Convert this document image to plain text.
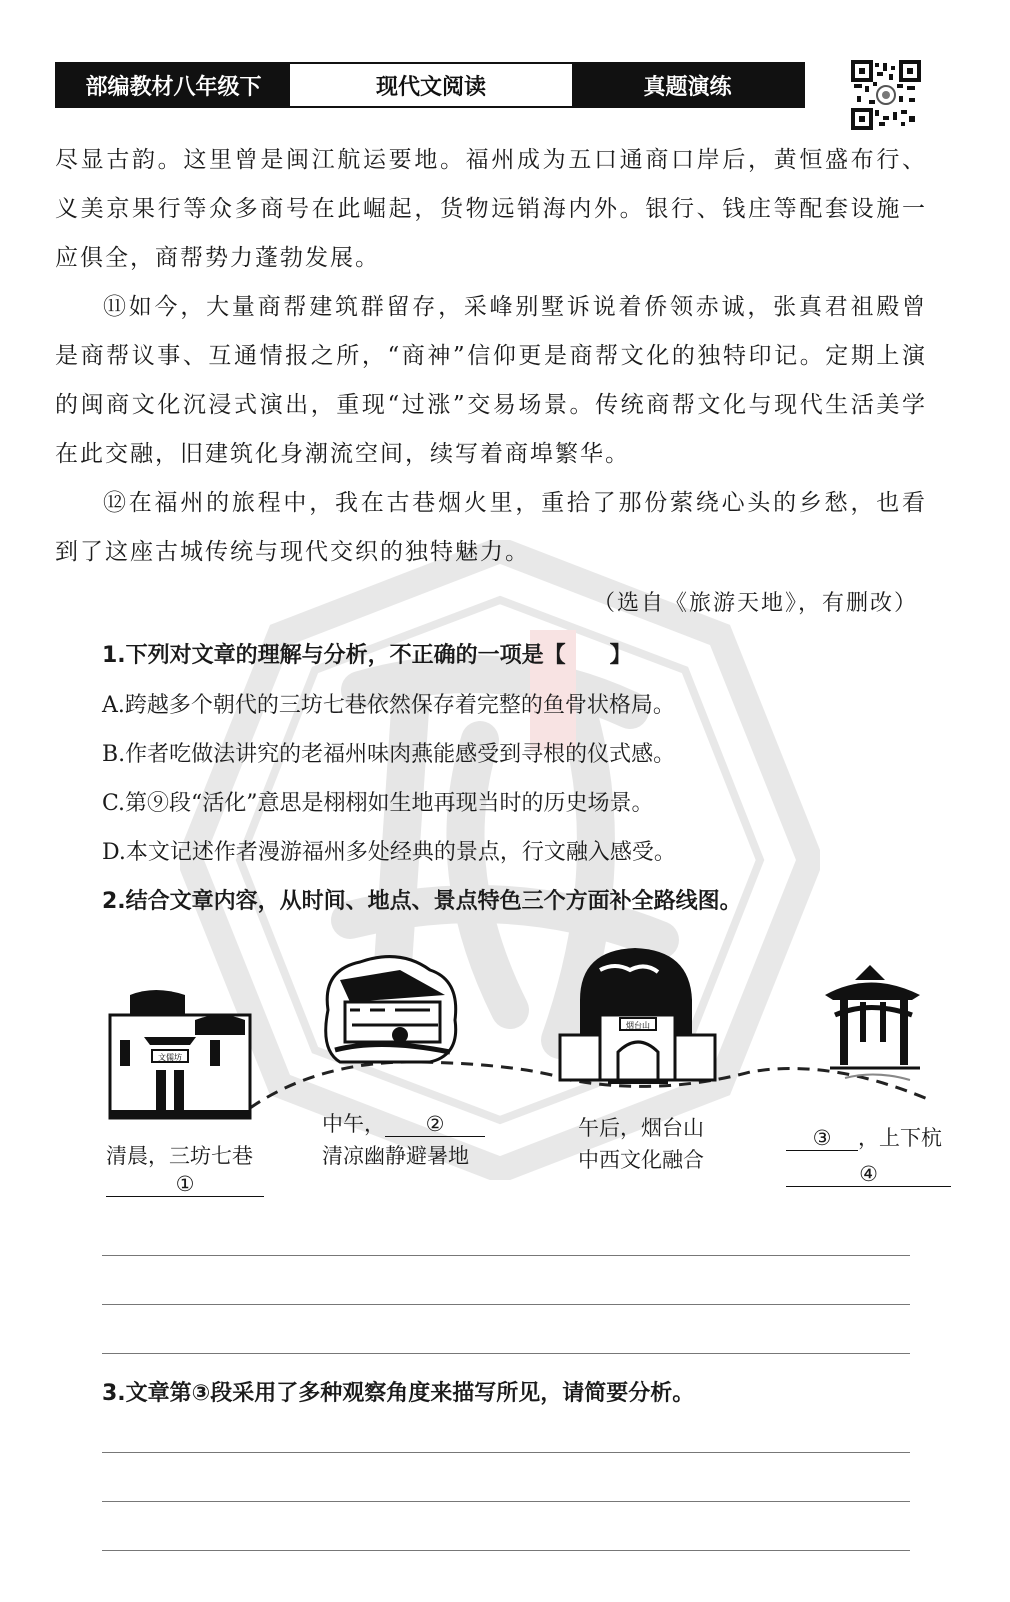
部编教材八年级下	现代文阅读	真题演练

尽显古韵。这里曾是闽江航运要地。福州成为五口通商口岸后，黄恒盛布行、义美京果行等众多商号在此崛起，货物远销海内外。银行、钱庄等配套设施一应俱全，商帮势力蓬勃发展。

⑪如今，大量商帮建筑群留存，采峰别墅诉说着侨领赤诚，张真君祖殿曾是商帮议事、互通情报之所，“商神”信仰更是商帮文化的独特印记。定期上演的闽商文化沉浸式演出，重现“过涨”交易场景。传统商帮文化与现代生活美学在此交融，旧建筑化身潮流空间，续写着商埠繁华。

⑫在福州的旅程中，我在古巷烟火里，重拾了那份萦绕心头的乡愁，也看到了这座古城传统与现代交织的独特魅力。

（选自《旅游天地》，有删改）
1.下列对文章的理解与分析，不正确的一项是【　　】
A.跨越多个朝代的三坊七巷依然保存着完整的鱼骨状格局。
B.作者吃做法讲究的老福州味肉燕能感受到寻根的仪式感。
C.第⑨段“活化”意思是栩栩如生地再现当时的历史场景。
D.本文记述作者漫游福州多处经典的景点，行文融入感受。
2.结合文章内容，从时间、地点、景点特色三个方面补全路线图。
文儒坊
烟台山
清晨，三坊七巷
①
中午， ②
清凉幽静避暑地
午后，烟台山
中西文化融合
③ ，上下杭
④
3.文章第③段采用了多种观察角度来描写所见，请简要分析。
